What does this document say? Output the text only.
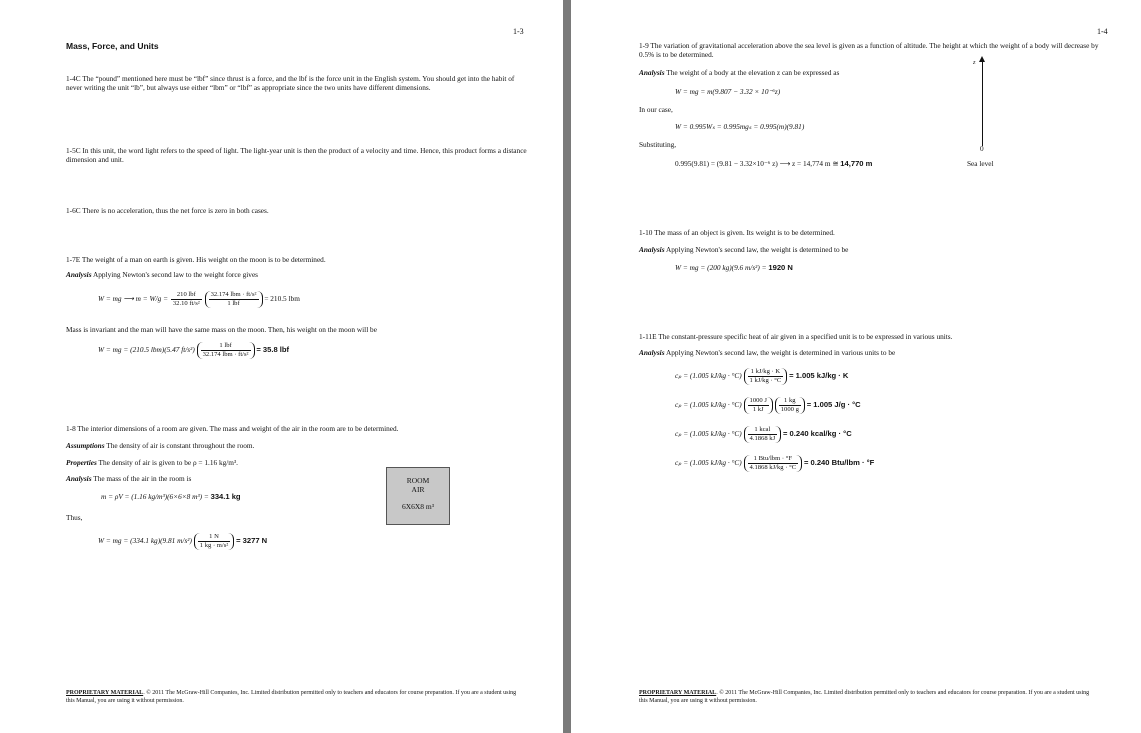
1-3
Mass, Force, and Units
1-4C The “pound” mentioned here must be “lbf” since thrust is a force, and the lbf is the force unit in the English system. You should get into the habit of never writing the unit “lb”, but always use either “lbm” or “lbf” as appropriate since the two units have different dimensions.
1-5C In this unit, the word light refers to the speed of light. The light-year unit is then the product of a velocity and time. Hence, this product forms a distance dimension and unit.
1-6C There is no acceleration, thus the net force is zero in both cases.
1-7E The weight of a man on earth is given. His weight on the moon is to be determined.
Analysis Applying Newton's second law to the weight force gives
W = mg ⟶ $m = W/g = \frac{\text{210 lbf}}{\text{32.10 ft/s²}}$
$\frac{\text{32.174 lbm · ft/s²}}{\text{1 lbf}} = 210.5$ lbm
Mass is invariant and the man will have the same mass on the moon. Then, his weight on the moon will be
W = mg = (210.5 lbm)(5.47 $ft/s^2) \frac{\text{1 lbf}}{\text{32.174 lbm · ft/s²}} = 35.8$ lbf
1-8 The interior dimensions of a room are given. The mass and weight of the air in the room are to be determined.
Assumptions The density of air is constant throughout the room.
Properties The density of air is given to be ρ = 1.16 kg/m³.
Analysis The mass of the air in the room is
m = ρV = (1.16 kg/m³)(6×6×8 m³) = 334.1 kg
Thus,
W = mg = (334.1 kg)(9.81 $m/s^2) \frac{1 N}{\text{1 kg · m/s²}} = 3277$ N
ROOM
AIR
6X6X8 m³
PROPRIETARY MATERIAL. © 2011 The McGraw-Hill Companies, Inc. Limited distribution permitted only to teachers and educators for course preparation. If you are a student using this Manual, you are using it without permission.
1-4
1-9 The variation of gravitational acceleration above the sea level is given as a function of altitude. The height at which the weight of a body will decrease by 0.5% is to be determined.
Analysis The weight of a body at the elevation z can be expressed as
W = mg = m(9.807 − 3.32 × 10⁻⁶z)
In our case,
W = 0.995Wₛ = 0.995mgₛ = 0.995(m)(9.81)
Substituting,
0.995(9.81) = (9.81 − 3.32×10⁻⁶ z) ⟶ z = 14,774 m ≅ 14,770 m
z
0
Sea level
1-10 The mass of an object is given. Its weight is to be determined.
Analysis Applying Newton's second law, the weight is determined to be
W = mg = (200 kg)(9.6 m/s²) = 1920 N
1-11E The constant-pressure specific heat of air given in a specified unit is to be expressed in various units.
Analysis Applying Newton's second law, the weight is determined in various units to be
cₚ = (1.005 $kJ/kg \cdot ^\circ C) \frac{1 kJ/kg \cdot K}{1 kJ/kg \cdot ^\circ C} = 1.005$ kJ/kg · K
cₚ = (1.005 $kJ/kg \cdot ^\circ C) \frac{1000 J}{1 kJ}$
$\frac{1 kg}{1000 g} = 1.005$ J/g · °C
cₚ = (1.005 $kJ/kg \cdot ^\circ C) \frac{\text{1 kcal}}{4.1868 kJ} = 0.240$ kcal/kg · °C
cₚ = (1.005 $kJ/kg \cdot ^\circ C) \frac{\text{1 Btu/lbm · °F}}{4.1868 kJ/kg \cdot ^\circ C} = 0.240$ Btu/lbm · °F
PROPRIETARY MATERIAL. © 2011 The McGraw-Hill Companies, Inc. Limited distribution permitted only to teachers and educators for course preparation. If you are a student using this Manual, you are using it without permission.
